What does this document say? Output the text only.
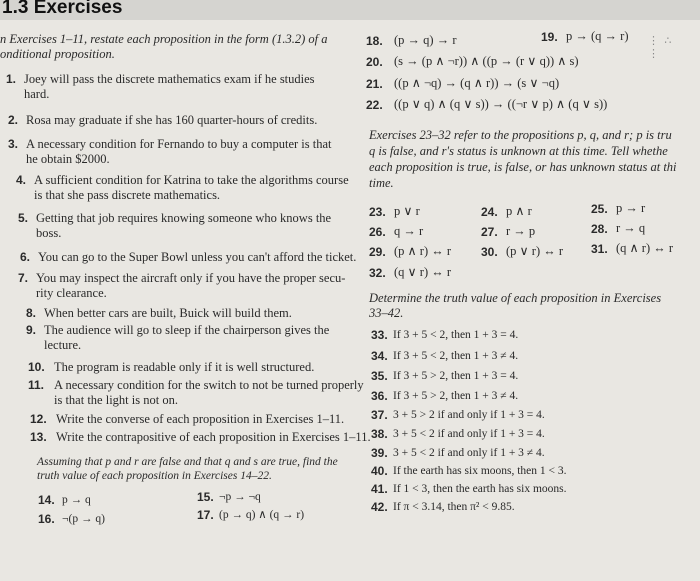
1.3 Exercises
⋮ ∴ ⋮
n Exercises 1–11, restate each proposition in the form (1.3.2) of a
onditional proposition.
1. Joey will pass the discrete mathematics exam if he studies
hard.
2. Rosa may graduate if she has 160 quarter-hours of credits.
3. A necessary condition for Fernando to buy a computer is that
he obtain $2000.
4. A sufficient condition for Katrina to take the algorithms course
is that she pass discrete mathematics.
5. Getting that job requires knowing someone who knows the
boss.
6. You can go to the Super Bowl unless you can't afford the ticket.
7. You may inspect the aircraft only if you have the proper secu-
rity clearance.
8. When better cars are built, Buick will build them.
9. The audience will go to sleep if the chairperson gives the
lecture.
10. The program is readable only if it is well structured.
11. A necessary condition for the switch to not be turned properly
is that the light is not on.
12. Write the converse of each proposition in Exercises 1–11.
13. Write the contrapositive of each proposition in Exercises 1–11.
Assuming that p and r are false and that q and s are true, find the
truth value of each proposition in Exercises 14–22.
14. p → q	15. ¬p → ¬q
16. ¬(p → q)	17. (p → q) ∧ (q → r)
18. (p → q) → r	19. p → (q → r)
20. (s → (p ∧ ¬r)) ∧ ((p → (r ∨ q)) ∧ s)
21. ((p ∧ ¬q) → (q ∧ r)) → (s ∨ ¬q)
22. ((p ∨ q) ∧ (q ∨ s)) → ((¬r ∨ p) ∧ (q ∨ s))
Exercises 23–32 refer to the propositions p, q, and r; p is tru
q is false, and r's status is unknown at this time. Tell whethe
each proposition is true, is false, or has unknown status at thi
time.
23. p ∨ r	24. p ∧ r	25. p → r
26. q → r	27. r → p	28. r → q
29. (p ∧ r) ↔ r 30. (p ∨ r) ↔ r 31. (q ∧ r) ↔ r
32. (q ∨ r) ↔ r
Determine the truth value of each proposition in Exercises
33–42.
33. If 3 + 5 < 2, then 1 + 3 = 4.
34. If 3 + 5 < 2, then 1 + 3 ≠ 4.
35. If 3 + 5 > 2, then 1 + 3 = 4.
36. If 3 + 5 > 2, then 1 + 3 ≠ 4.
37. 3 + 5 > 2 if and only if 1 + 3 = 4.
38. 3 + 5 < 2 if and only if 1 + 3 = 4.
39. 3 + 5 < 2 if and only if 1 + 3 ≠ 4.
40. If the earth has six moons, then 1 < 3.
41. If 1 < 3, then the earth has six moons.
42. If π < 3.14, then π² < 9.85.
